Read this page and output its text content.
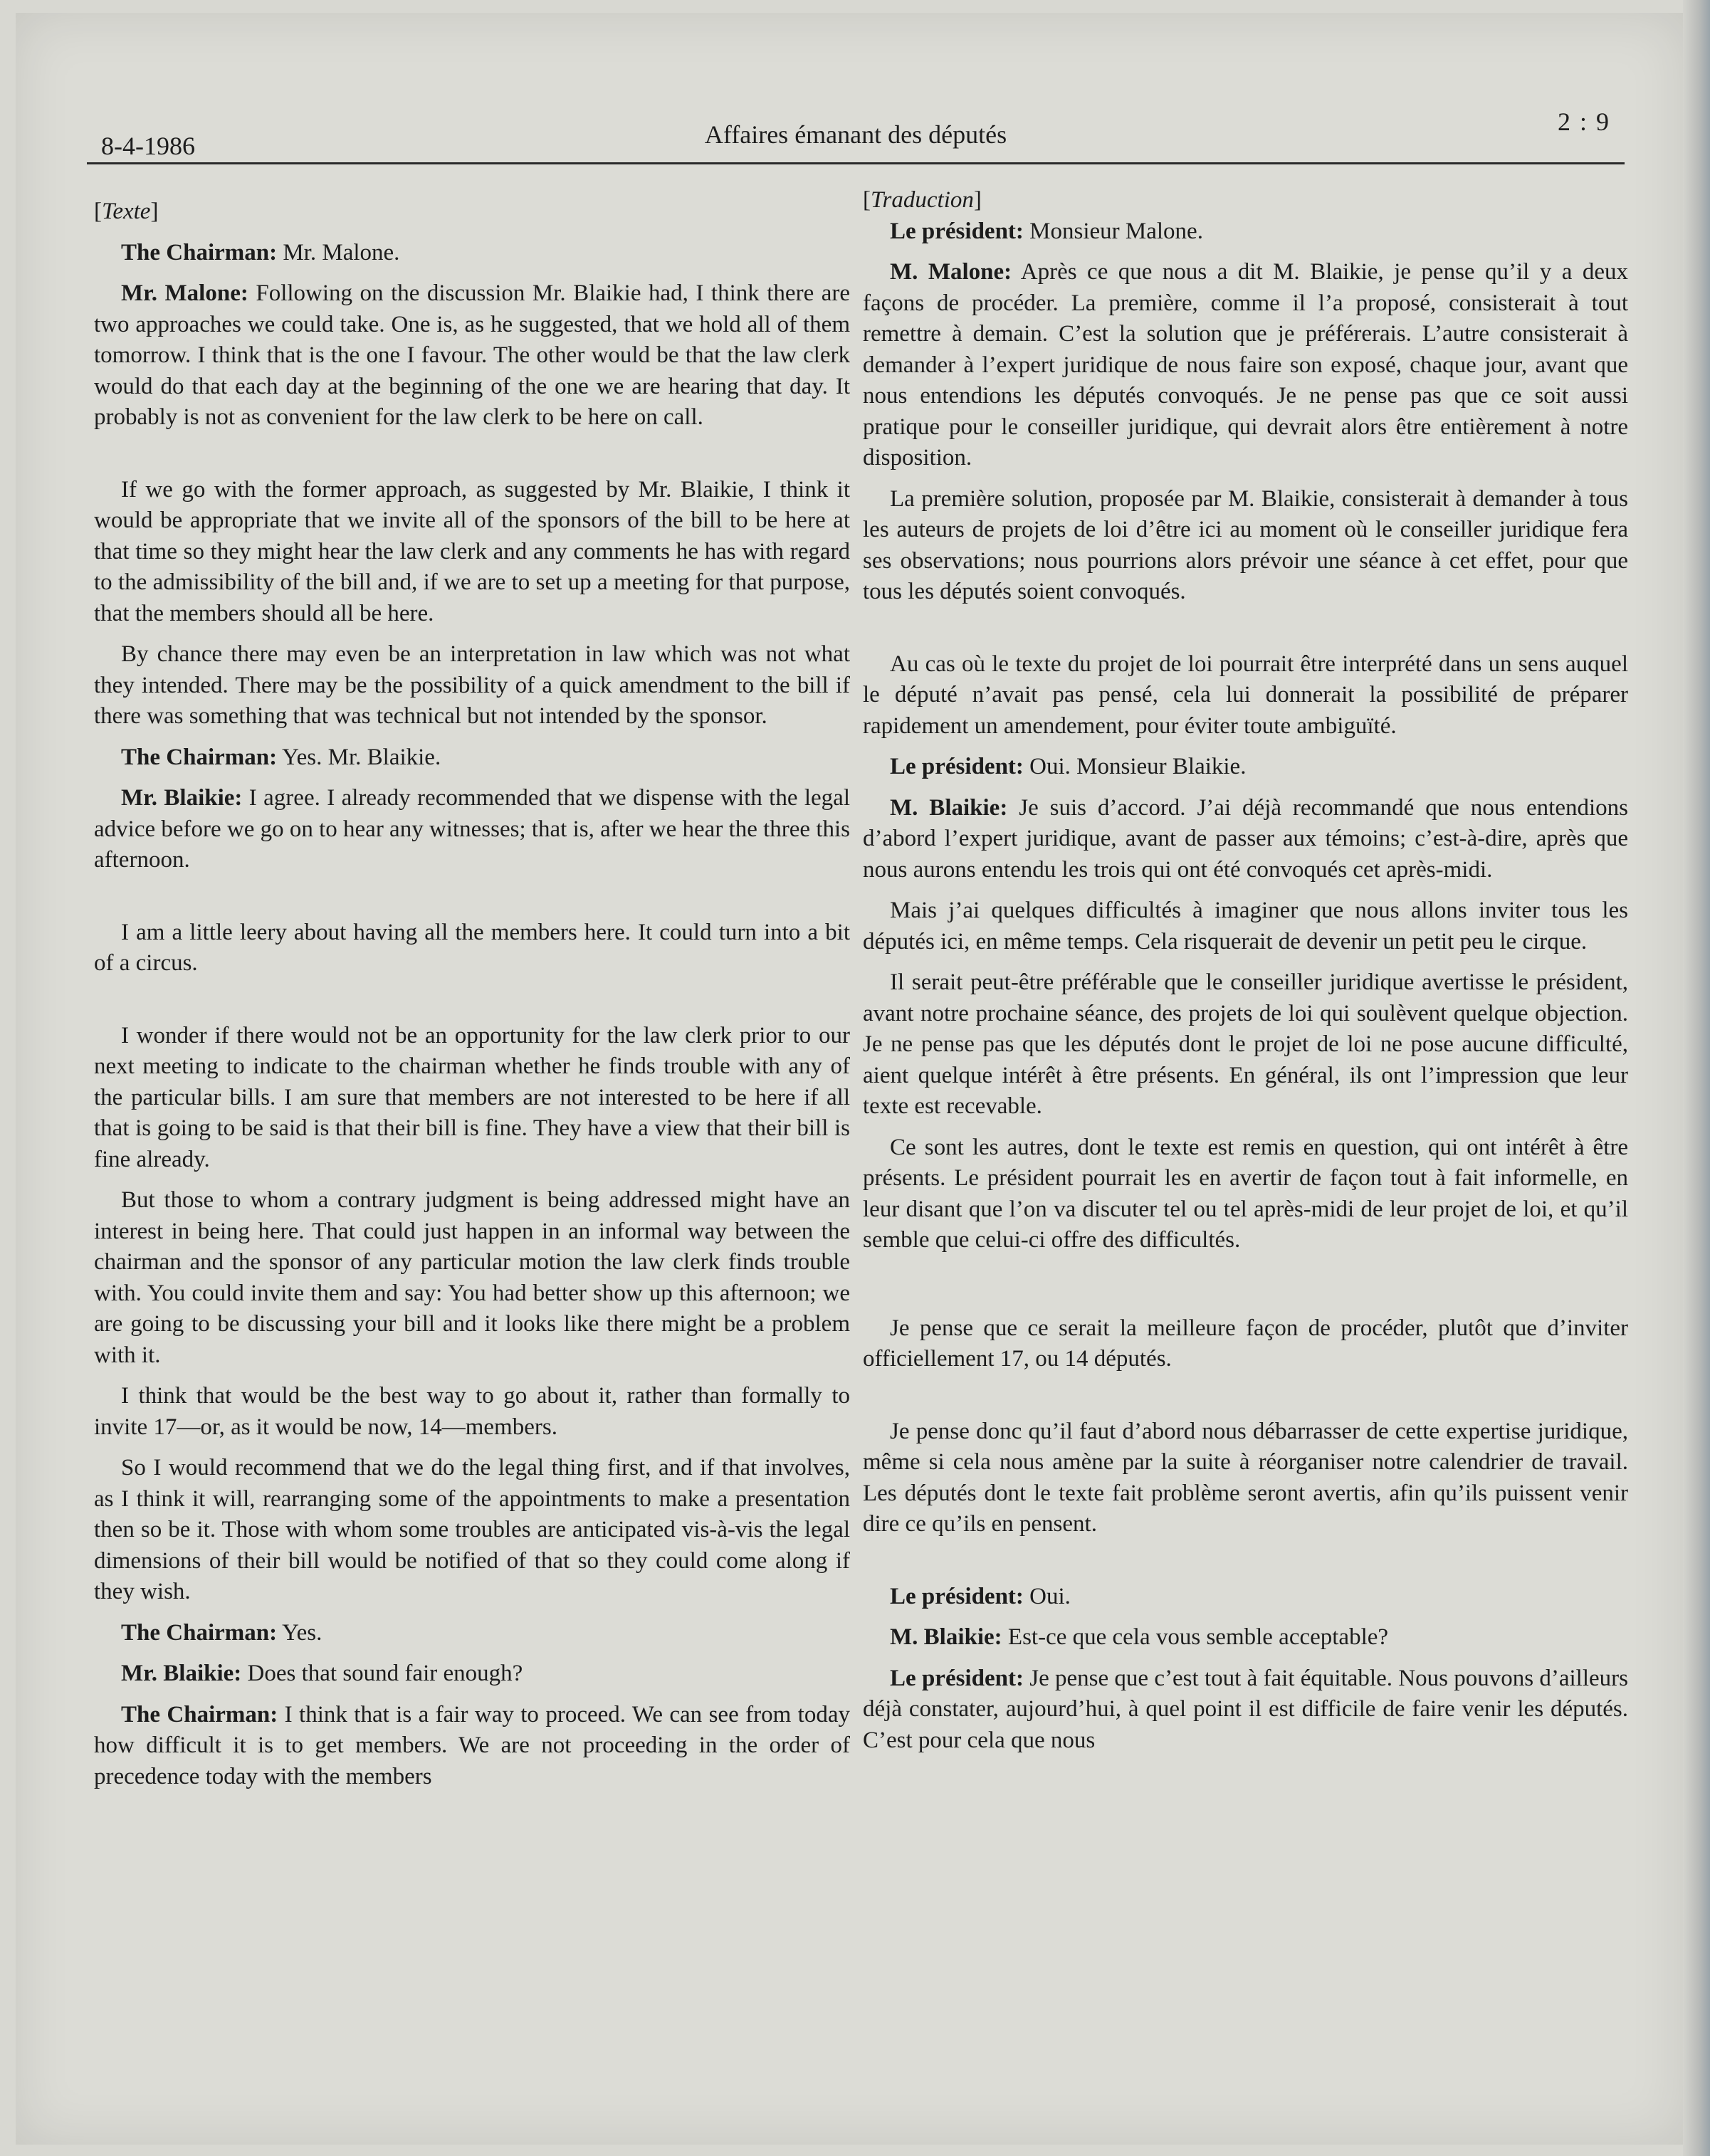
8-4-1986	Affaires émanant des députés	2 : 9

[Texte]

The Chairman: Mr. Malone.

Mr. Malone: Following on the discussion Mr. Blaikie had, I think there are two approaches we could take. One is, as he suggested, that we hold all of them tomorrow. I think that is the one I favour. The other would be that the law clerk would do that each day at the beginning of the one we are hearing that day. It probably is not as convenient for the law clerk to be here on call.

If we go with the former approach, as suggested by Mr. Blaikie, I think it would be appropriate that we invite all of the sponsors of the bill to be here at that time so they might hear the law clerk and any comments he has with regard to the admissibility of the bill and, if we are to set up a meeting for that purpose, that the members should all be here.

By chance there may even be an interpretation in law which was not what they intended. There may be the possibility of a quick amendment to the bill if there was something that was technical but not intended by the sponsor.

The Chairman: Yes. Mr. Blaikie.

Mr. Blaikie: I agree. I already recommended that we dispense with the legal advice before we go on to hear any witnesses; that is, after we hear the three this afternoon.

I am a little leery about having all the members here. It could turn into a bit of a circus.

I wonder if there would not be an opportunity for the law clerk prior to our next meeting to indicate to the chairman whether he finds trouble with any of the particular bills. I am sure that members are not interested to be here if all that is going to be said is that their bill is fine. They have a view that their bill is fine already.

But those to whom a contrary judgment is being addressed might have an interest in being here. That could just happen in an informal way between the chairman and the sponsor of any particular motion the law clerk finds trouble with. You could invite them and say: You had better show up this afternoon; we are going to be discussing your bill and it looks like there might be a problem with it.

I think that would be the best way to go about it, rather than formally to invite 17—or, as it would be now, 14—members.

So I would recommend that we do the legal thing first, and if that involves, as I think it will, rearranging some of the appointments to make a presentation then so be it. Those with whom some troubles are anticipated vis-à-vis the legal dimensions of their bill would be notified of that so they could come along if they wish.

The Chairman: Yes.

Mr. Blaikie: Does that sound fair enough?

The Chairman: I think that is a fair way to proceed. We can see from today how difficult it is to get members. We are not proceeding in the order of precedence today with the members

[Traduction]

Le président: Monsieur Malone.

M. Malone: Après ce que nous a dit M. Blaikie, je pense qu’il y a deux façons de procéder. La première, comme il l’a proposé, consisterait à tout remettre à demain. C’est la solution que je préférerais. L’autre consisterait à demander à l’expert juridique de nous faire son exposé, chaque jour, avant que nous entendions les députés convoqués. Je ne pense pas que ce soit aussi pratique pour le conseiller juridique, qui devrait alors être entièrement à notre disposition.

La première solution, proposée par M. Blaikie, consisterait à demander à tous les auteurs de projets de loi d’être ici au moment où le conseiller juridique fera ses observations; nous pourrions alors prévoir une séance à cet effet, pour que tous les députés soient convoqués.

Au cas où le texte du projet de loi pourrait être interprété dans un sens auquel le député n’avait pas pensé, cela lui donnerait la possibilité de préparer rapidement un amendement, pour éviter toute ambiguïté.

Le président: Oui. Monsieur Blaikie.

M. Blaikie: Je suis d’accord. J’ai déjà recommandé que nous entendions d’abord l’expert juridique, avant de passer aux témoins; c’est-à-dire, après que nous aurons entendu les trois qui ont été convoqués cet après-midi.

Mais j’ai quelques difficultés à imaginer que nous allons inviter tous les députés ici, en même temps. Cela risquerait de devenir un petit peu le cirque.

Il serait peut-être préférable que le conseiller juridique avertisse le président, avant notre prochaine séance, des projets de loi qui soulèvent quelque objection. Je ne pense pas que les députés dont le projet de loi ne pose aucune difficulté, aient quelque intérêt à être présents. En général, ils ont l’impression que leur texte est recevable.

Ce sont les autres, dont le texte est remis en question, qui ont intérêt à être présents. Le président pourrait les en avertir de façon tout à fait informelle, en leur disant que l’on va discuter tel ou tel après-midi de leur projet de loi, et qu’il semble que celui-ci offre des difficultés.

Je pense que ce serait la meilleure façon de procéder, plutôt que d’inviter officiellement 17, ou 14 députés.

Je pense donc qu’il faut d’abord nous débarrasser de cette expertise juridique, même si cela nous amène par la suite à réorganiser notre calendrier de travail. Les députés dont le texte fait problème seront avertis, afin qu’ils puissent venir dire ce qu’ils en pensent.

Le président: Oui.

M. Blaikie: Est-ce que cela vous semble acceptable?

Le président: Je pense que c’est tout à fait équitable. Nous pouvons d’ailleurs déjà constater, aujourd’hui, à quel point il est difficile de faire venir les députés. C’est pour cela que nous
